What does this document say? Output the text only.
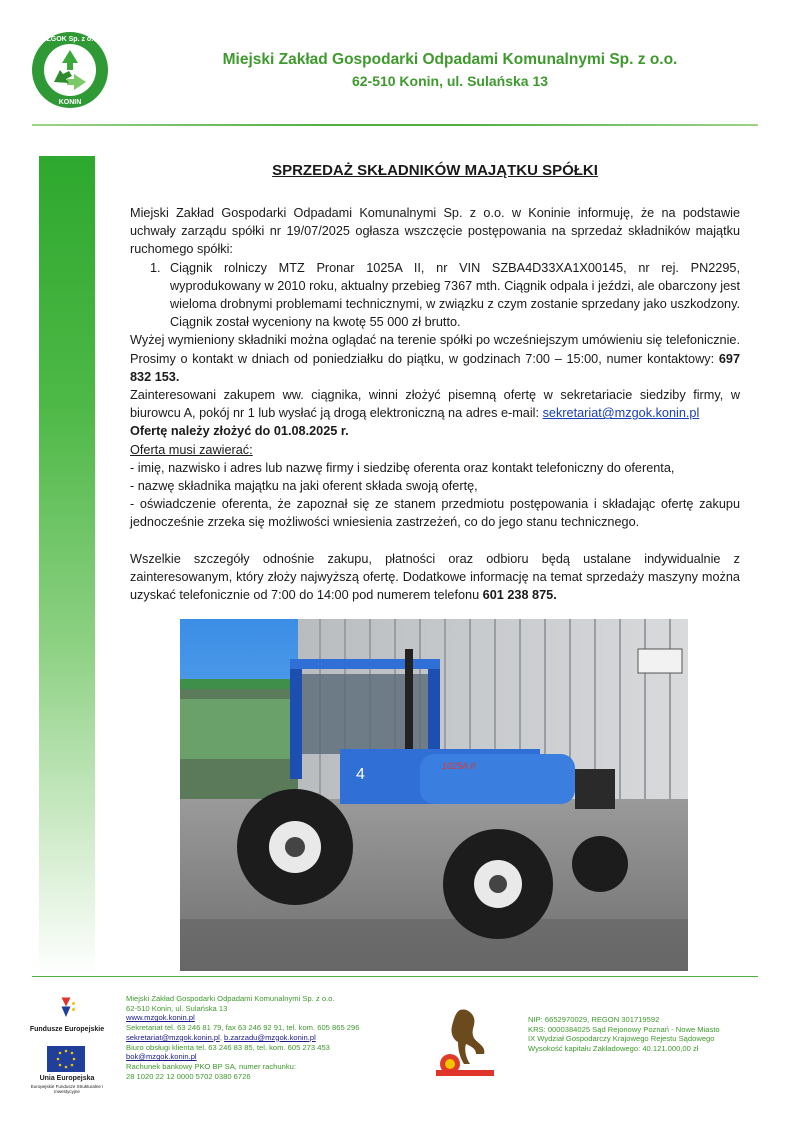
MZGOK Sp. z o.o.
KONIN
Miejski Zakład Gospodarki Odpadami Komunalnymi Sp. z o.o.
62-510 Konin, ul. Sulańska 13
SPRZEDAŻ SKŁADNIKÓW MAJĄTKU SPÓŁKI

Miejski Zakład Gospodarki Odpadami Komunalnymi Sp. z o.o. w Koninie informuję, że na podstawie uchwały zarządu spółki nr 19/07/2025 ogłasza wszczęcie postępowania na sprzedaż składników majątku ruchomego spółki:

1. Ciągnik rolniczy MTZ Pronar 1025A II, nr VIN SZBA4D33XA1X00145, nr rej. PN2295, wyprodukowany w 2010 roku, aktualny przebieg 7367 mth. Ciągnik odpala i jeździ, ale obarczony jest wieloma drobnymi problemami technicznymi, w związku z czym zostanie sprzedany jako uszkodzony. Ciągnik został wyceniony na kwotę 55 000 zł brutto.

Wyżej wymieniony składniki można oglądać na terenie spółki po wcześniejszym umówieniu się telefonicznie. Prosimy o kontakt w dniach od poniedziałku do piątku, w godzinach 7:00 – 15:00, numer kontaktowy: 697 832 153.

Zainteresowani zakupem ww. ciągnika, winni złożyć pisemną ofertę w sekretariacie siedziby firmy, w biurowcu A, pokój nr 1 lub wysłać ją drogą elektroniczną na adres e-mail: sekretariat@mzgok.konin.pl

Ofertę należy złożyć do 01.08.2025 r.

Oferta musi zawierać:

- imię, nazwisko i adres lub nazwę firmy i siedzibę oferenta oraz kontakt telefoniczny do oferenta,

- nazwę składnika majątku na jaki oferent składa swoją ofertę,

- oświadczenie oferenta, że zapoznał się ze stanem przedmiotu postępowania i składając ofertę zakupu jednocześnie zrzeka się możliwości wniesienia zastrzeżeń, co do jego stanu technicznego.

Wszelkie szczegóły odnośnie zakupu, płatności oraz odbioru będą ustalane indywidualnie z zainteresowanym, który złoży najwyższą ofertę. Dodatkowe informację na temat sprzedaży maszyny można uzyskać telefonicznie od 7:00 do 14:00 pod numerem telefonu 601 238 875.

1025A II
4
Fundusze Europejskie
Unia Europejska
Europejskie Fundusze Strukturalne i Inwestycyjne
Miejski Zakład Gospodarki Odpadami Komunalnymi Sp. z o.o.
62-510 Konin, ul. Sulańska 13
www.mzgok.konin.pl
Sekretariat tel. 63 246 81 79, fax 63 246 92 91, tel. kom. 605 865 296
sekretariat@mzgok.konin.pl, b.zarzadu@mzgok.konin.pl
Biuro obsługi klienta tel. 63 246 83 85, tel. kom. 605 273 453
bok@mzgok.konin.pl
Rachunek bankowy PKO BP SA, numer rachunku:
28 1020 22 12 0000 5702 0380 6726
NIP: 6652970029, REGON 301719592
KRS: 0000384025 Sąd Rejonowy Poznań - Nowe Miasto
IX Wydział Gospodarczy Krajowego Rejestu Sądowego
Wysokość kapitału Zakładowego: 40.121.000,00 zł
